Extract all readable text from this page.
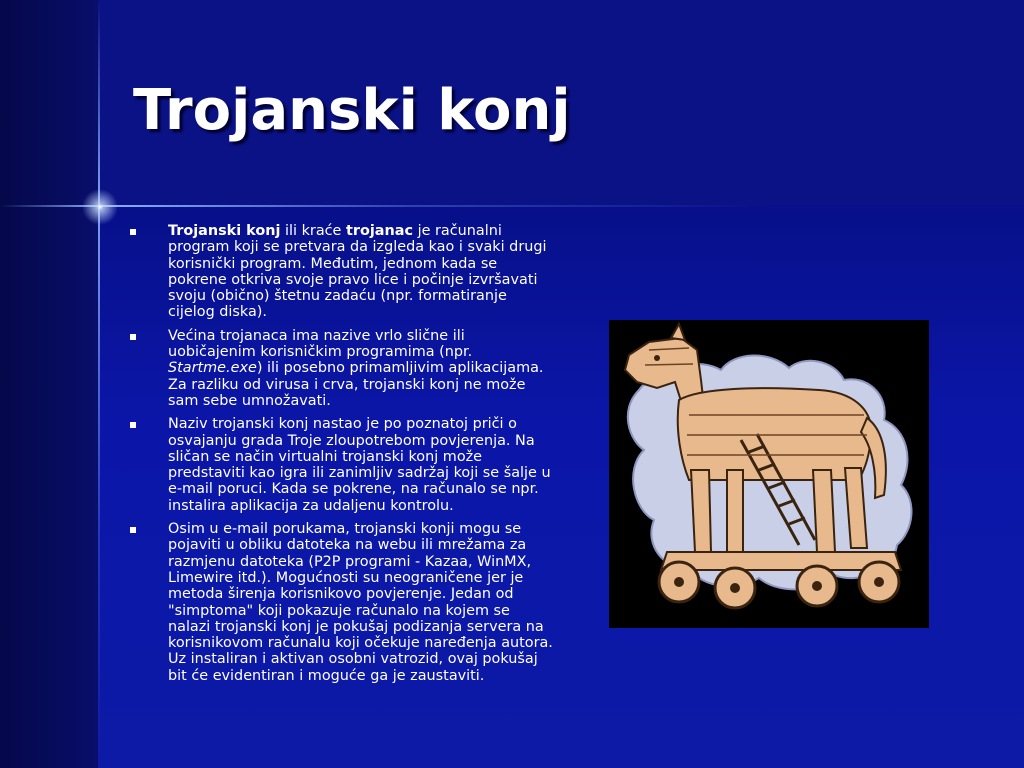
Trojanski konj
Trojanski konj ili kraće trojanac je računalni program koji se pretvara da izgleda kao i svaki drugi korisnički program. Međutim, jednom kada se pokrene otkriva svoje pravo lice i počinje izvršavati svoju (obično) štetnu zadaću (npr. formatiranje cijelog diska).
Većina trojanaca ima nazive vrlo slične ili uobičajenim korisničkim programima (npr. Startme.exe) ili posebno primamljivim aplikacijama. Za razliku od virusa i crva, trojanski konj ne može sam sebe umnožavati.
Naziv trojanski konj nastao je po poznatoj priči o osvajanju grada Troje zloupotrebom povjerenja. Na sličan se način virtualni trojanski konj može predstaviti kao igra ili zanimljiv sadržaj koji se šalje u e-mail poruci. Kada se pokrene, na računalo se npr. instalira aplikacija za udaljenu kontrolu.
Osim u e-mail porukama, trojanski konji mogu se pojaviti u obliku datoteka na webu ili mrežama za razmjenu datoteka (P2P programi - Kazaa, WinMX, Limewire itd.). Mogućnosti su neograničene jer je metoda širenja korisnikovo povjerenje. Jedan od "simptoma" koji pokazuje računalo na kojem se nalazi trojanski konj je pokušaj podizanja servera na korisnikovom računalu koji očekuje naređenja autora. Uz instaliran i aktivan osobni vatrozid, ovaj pokušaj bit će evidentiran i moguće ga je zaustaviti.
